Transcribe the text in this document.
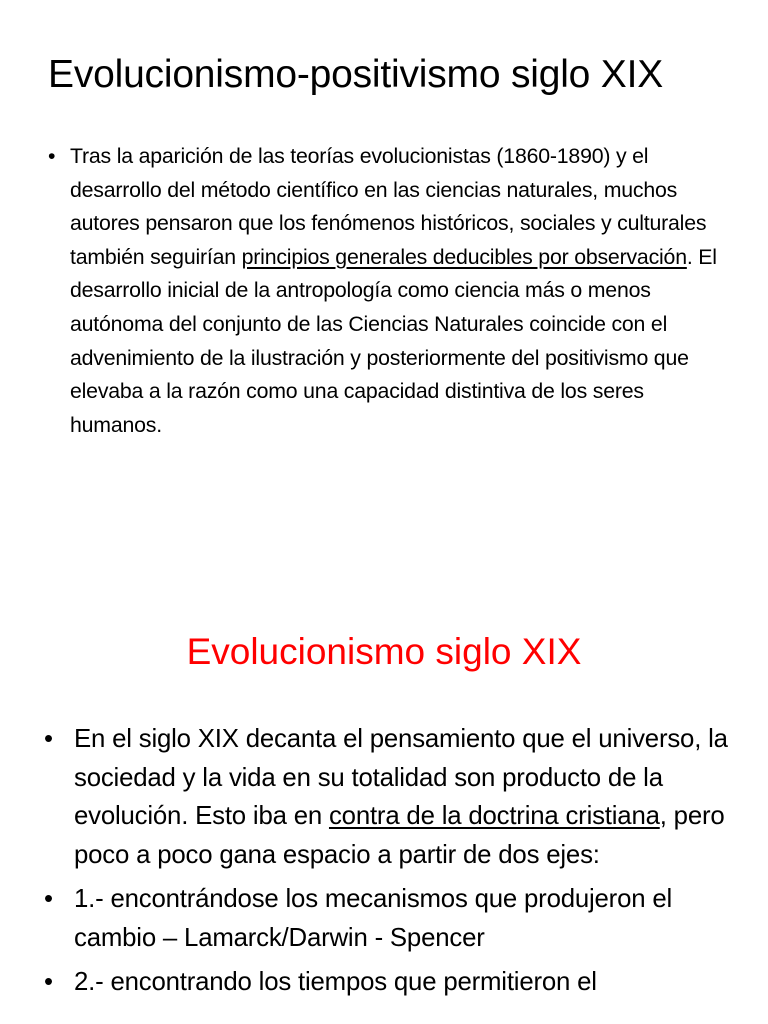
Evolucionismo-positivismo siglo XIX
• Tras la aparición de las teorías evolucionistas (1860-1890) y el desarrollo del método científico en las ciencias naturales, muchos autores pensaron que los fenómenos históricos, sociales y culturales también seguirían principios generales deducibles por observación. El desarrollo inicial de la antropología como ciencia más o menos autónoma del conjunto de las Ciencias Naturales coincide con el advenimiento de la ilustración y posteriormente del positivismo que elevaba a la razón como una capacidad distintiva de los seres humanos.
Evolucionismo siglo XIX
• En el siglo XIX decanta el pensamiento que el universo, la sociedad y la vida en su totalidad son producto de la evolución. Esto iba en contra de la doctrina cristiana, pero poco a poco gana espacio a partir de dos ejes:
• 1.- encontrándose los mecanismos que produjeron el cambio – Lamarck/Darwin - Spencer
• 2.- encontrando los tiempos que permitieron el
